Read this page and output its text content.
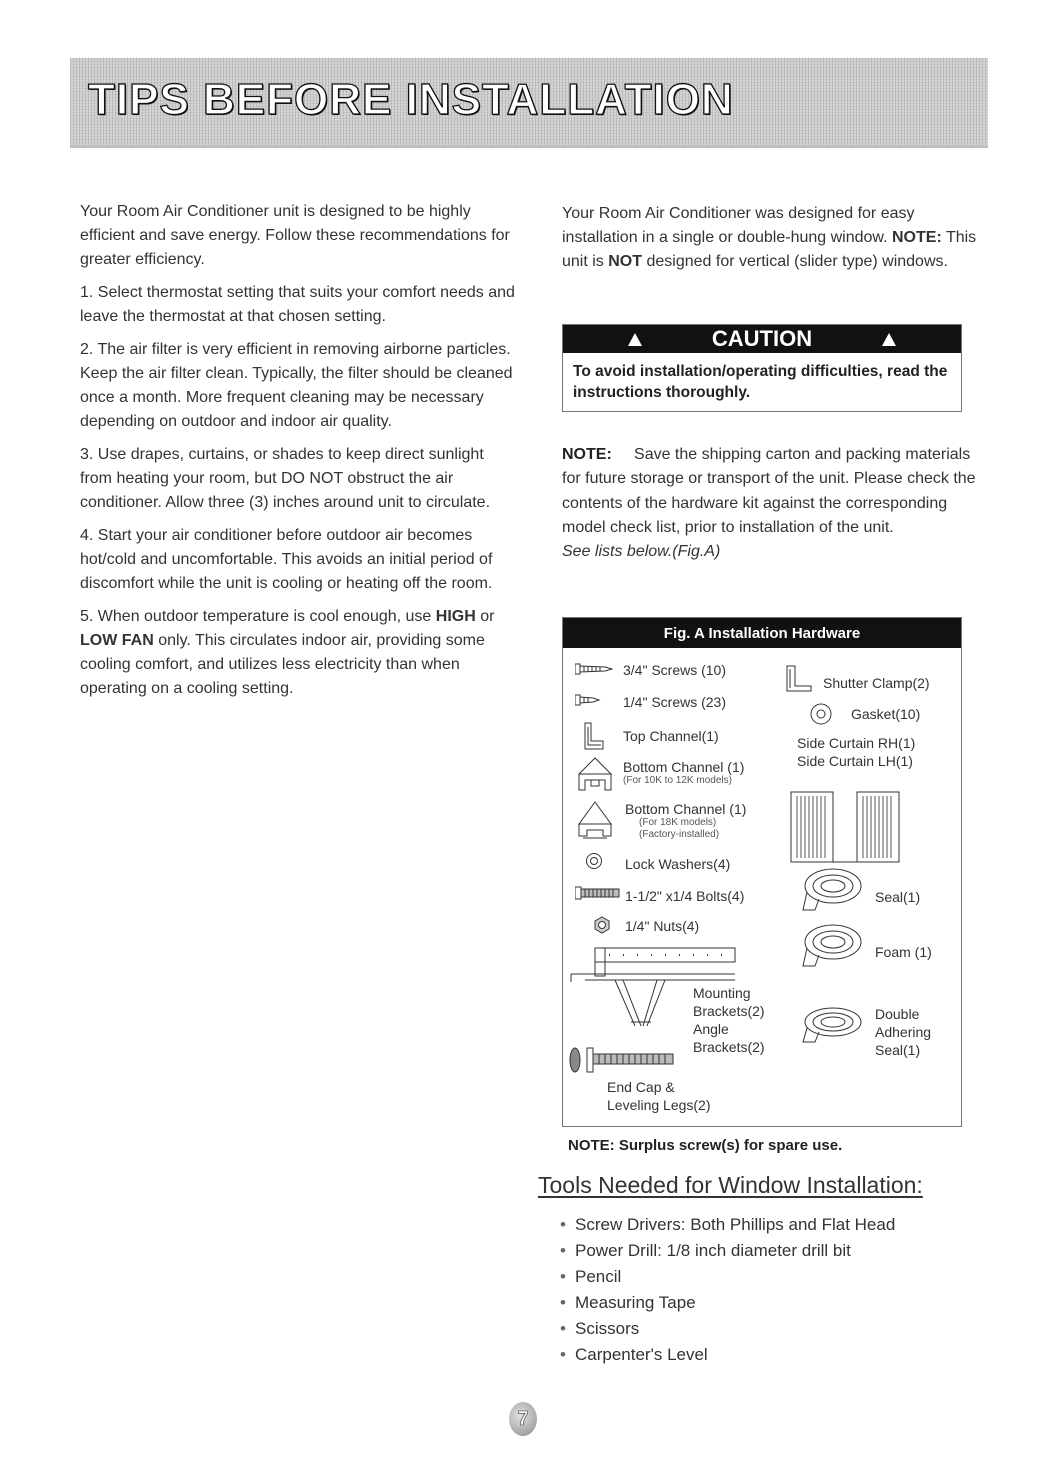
TIPS BEFORE INSTALLATION

Your Room Air Conditioner unit is designed to be highly efficient and save energy. Follow these recommendations for greater efficiency.

1. Select thermostat setting that suits your comfort needs and leave the thermostat at that chosen setting.

2. The air filter is very efficient in removing airborne particles. Keep the air filter clean. Typically, the filter should be cleaned once a month. More frequent cleaning may be necessary depending on outdoor and indoor air quality.

3. Use drapes, curtains, or shades to keep direct sunlight from heating your room, but DO NOT obstruct the air conditioner. Allow three (3) inches around unit to circulate.

4. Start your air conditioner before outdoor air becomes hot/cold and uncomfortable. This avoids an initial period of discomfort while the unit is cooling or heating off the room.

5. When outdoor temperature is cool enough, use HIGH or LOW FAN only. This circulates indoor air, providing some cooling comfort, and utilizes less electricity than when operating on a cooling setting.

Your Room Air Conditioner was designed for easy installation in a single or double-hung window. NOTE: This unit is NOT designed for vertical (slider type) windows.

CAUTION
To avoid installation/operating difficulties, read the instructions thoroughly.
NOTE: Save the shipping carton and packing materials for future storage or transport of the unit. Please check the contents of the hardware kit against the corresponding model check list, prior to installation of the unit.
See lists below.(Fig.A)
Fig. A Installation Hardware
3/4" Screws (10)
1/4" Screws (23)
Top Channel(1)
Bottom Channel (1)
(For 10K to 12K models)
Bottom Channel (1)
(For 18K models)
(Factory-installed)
Lock Washers(4)
1-1/2" x1/4 Bolts(4)
1/4" Nuts(4)
Mounting
Brackets(2)
Angle
Brackets(2)
End Cap &
Leveling Legs(2)
Shutter Clamp(2)
Gasket(10)
Side Curtain RH(1)
Side Curtain LH(1)
Seal(1)
Foam (1)
Double
Adhering
Seal(1)
NOTE: Surplus screw(s) for spare use.
Tools Needed for Window Installation:
• Screw Drivers: Both Phillips and Flat Head
• Power Drill: 1/8 inch diameter drill bit
• Pencil
• Measuring Tape
• Scissors
• Carpenter's Level
7
